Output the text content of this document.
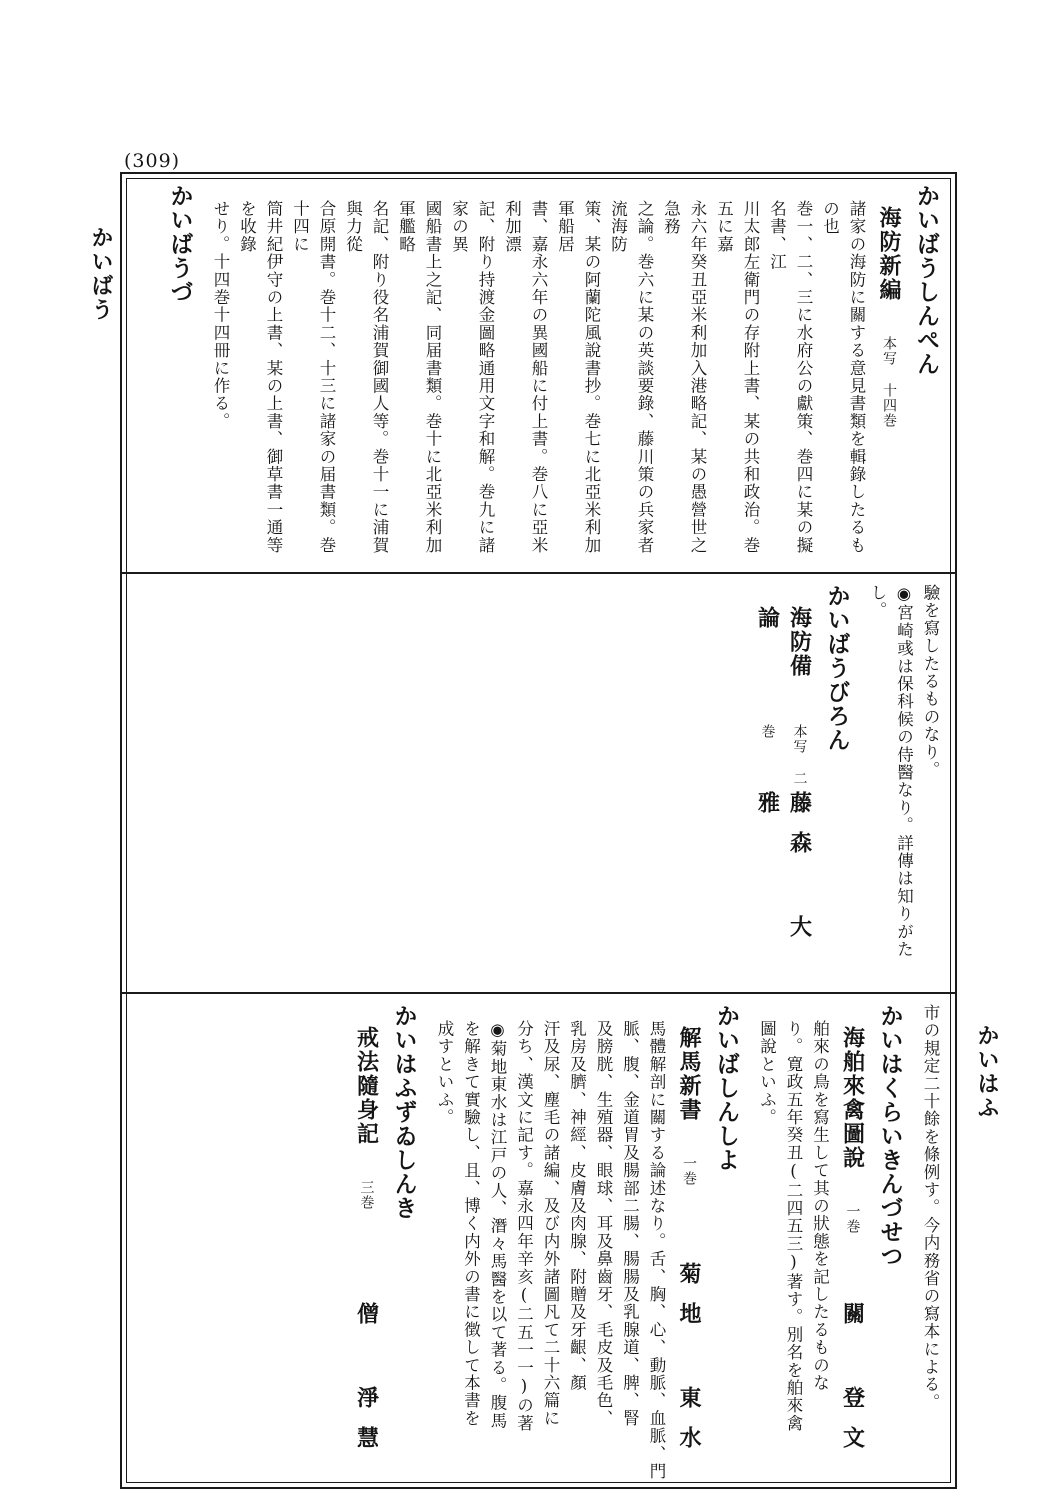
(309)
かいばう
かいはふ
かいばうしんぺん
海防新編
本写 十四巻
諸家の海防に關する意見書類を輯錄したるもの也
巻一、二、三に水府公の獻策、巻四に某の擬名書、江
川太郎左衛門の存附上書、某の共和政治。巻五に嘉
永六年癸丑亞米利加入港略記、某の愚營世之急務
之論。巻六に某の英談要錄、藤川策の兵家者流海防
策、某の阿蘭陀風說書抄。巻七に北亞米利加軍船居
書、嘉永六年の異國船に付上書。巻八に亞米利加漂
記、附り持渡金圖略通用文字和解。巻九に諸家の異
國船書上之記、同届書類。巻十に北亞米利加軍艦略
名記、附り役名浦賀御國人等。巻十一に浦賀與力從
合原開書。巻十二、十三に諸家の届書類。巻十四に
筒井紀伊守の上書、某の上書、御草書一通等を收錄
せり。十四巻十四冊に作る。
かいばうづ
驗を寫したるものなり。
◉宮崎彧は保科候の侍醫なり。詳傳は知りがたし。
かいばうびろん
海防備論
本写 二巻
藤森 大雅
市の規定二十餘を條例す。今内務省の寫本による。
かいはくらいきんづせつ
海舶來禽圖說
一巻
關 登文
舶來の鳥を寫生して其の狀態を記したるものな
り。寛政五年癸丑(二四五三)著す。別名を舶來禽
圖說といふ。
かいばしんしよ
解馬新書
一巻
菊地 東水
馬體解剖に關する論述なり。舌、胸、心、動脈、血脈、門
脈、腹、金道胃及腸部二腸、腸腸及乳腺道、脾、腎
及膀胱、生殖器、眼球、耳及鼻齒牙、毛皮及毛色、
乳房及臍、神經、皮膚及肉腺、附贈及牙齦、顏
汗及尿、塵毛の諸編、及び内外諸圖凡て二十六篇に
分ち、漢文に記す。嘉永四年辛亥(二五一一)の著
◉菊地東水は江戸の人、潛々馬醫を以て著る。腹馬
を解きて實驗し、且、博く内外の書に徴して本書を
成すといふ。
かいはふずゐしんき
戒法隨身記
三巻
僧 淨慧
